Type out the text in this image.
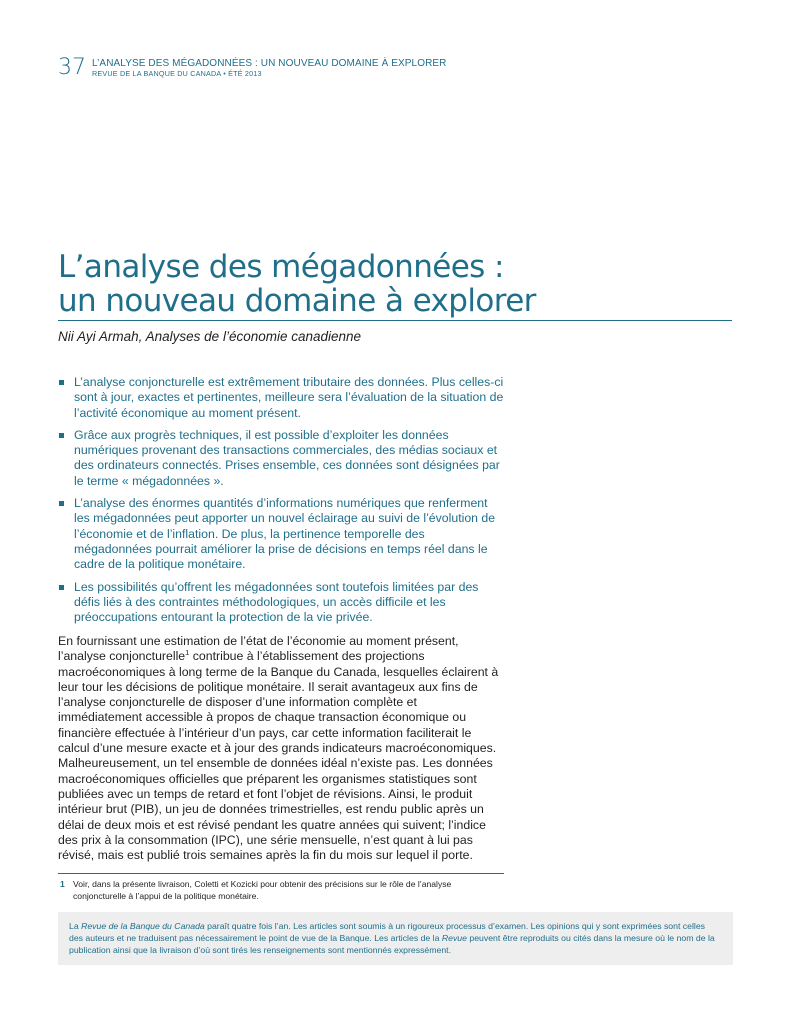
37 L’ANALYSE DES MÉGADONNÉES : UN NOUVEAU DOMAINE À EXPLORER
REVUE DE LA BANQUE DU CANADA • ÉTÉ 2013
L’analyse des mégadonnées :
un nouveau domaine à explorer
Nii Ayi Armah, Analyses de l’économie canadienne
L’analyse conjoncturelle est extrêmement tributaire des données. Plus celles-ci sont à jour, exactes et pertinentes, meilleure sera l’évaluation de la situation de l’activité économique au moment présent.
Grâce aux progrès techniques, il est possible d’exploiter les données numériques provenant des transactions commerciales, des médias sociaux et des ordinateurs connectés. Prises ensemble, ces données sont désignées par le terme « mégadonnées ».
L’analyse des énormes quantités d’informations numériques que renferment les mégadonnées peut apporter un nouvel éclairage au suivi de l’évolution de l’économie et de l’inflation. De plus, la pertinence temporelle des mégadonnées pourrait améliorer la prise de décisions en temps réel dans le cadre de la politique monétaire.
Les possibilités qu’offrent les mégadonnées sont toutefois limitées par des défis liés à des contraintes méthodologiques, un accès difficile et les préoccupations entourant la protection de la vie privée.

En fournissant une estimation de l’état de l’économie au moment présent, l’analyse conjoncturelle$^1$ contribue à l’établissement des projections macroéconomiques à long terme de la Banque du Canada, lesquelles éclairent à leur tour les décisions de politique monétaire. Il serait avantageux aux fins de l’analyse conjoncturelle de disposer d’une information complète et immédiatement accessible à propos de chaque transaction économique ou financière effectuée à l’intérieur d’un pays, car cette information faciliterait le calcul d’une mesure exacte et à jour des grands indicateurs macroéconomiques. Malheureusement, un tel ensemble de données idéal n’existe pas. Les données macroéconomiques officielles que préparent les organismes statistiques sont publiées avec un temps de retard et font l’objet de révisions. Ainsi, le produit intérieur brut (PIB), un jeu de données trimestrielles, est rendu public après un délai de deux mois et est révisé pendant les quatre années qui suivent; l’indice des prix à la consommation (IPC), une série mensuelle, n’est quant à lui pas révisé, mais est publié trois semaines après la fin du mois sur lequel il porte.

1 Voir, dans la présente livraison, Coletti et Kozicki pour obtenir des précisions sur le rôle de l’analyse conjoncturelle à l’appui de la politique monétaire.
La Revue de la Banque du Canada paraît quatre fois l’an. Les articles sont soumis à un rigoureux processus d’examen. Les opinions qui y sont exprimées sont celles des auteurs et ne traduisent pas nécessairement le point de vue de la Banque. Les articles de la Revue peuvent être reproduits ou cités dans la mesure où le nom de la publication ainsi que la livraison d’où sont tirés les renseignements sont mentionnés expressément.
